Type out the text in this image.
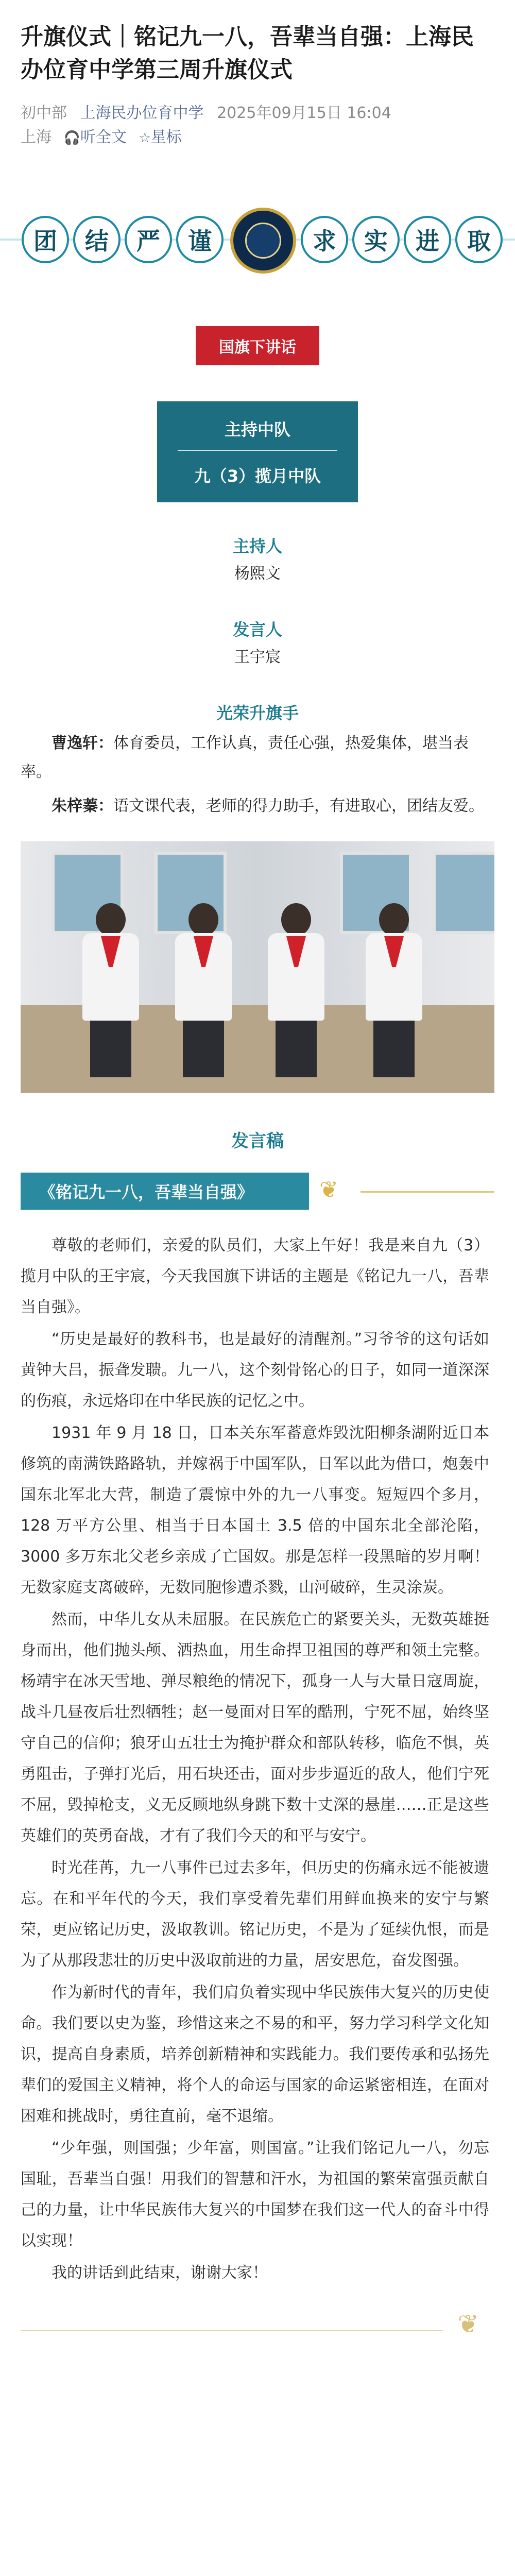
升旗仪式｜铭记九一八，吾辈当自强：上海民办位育中学第三周升旗仪式
初中部 上海民办位育中学 2025年09月15日 16:04
上海 🎧听全文 ☆星标
团	结	严	谨	求	实	进	取
国旗下讲话
主持中队
九（3）揽月中队
主持人
杨熙文
发言人
王宇宸
光荣升旗手
曹逸轩：体育委员，工作认真，责任心强，热爱集体，堪当表率。
朱梓蓁：语文课代表，老师的得力助手，有进取心，团结友爱。
发言稿
《铭记九一八，吾辈当自强》	❦

尊敬的老师们，亲爱的队员们，大家上午好！我是来自九（3）揽月中队的王宇宸，今天我国旗下讲话的主题是《铭记九一八，吾辈当自强》。

“历史是最好的教科书，也是最好的清醒剂。”习爷爷的这句话如黄钟大吕，振聋发聩。九一八，这个刻骨铭心的日子，如同一道深深的伤痕，永远烙印在中华民族的记忆之中。

1931 年 9 月 18 日，日本关东军蓄意炸毁沈阳柳条湖附近日本修筑的南满铁路路轨，并嫁祸于中国军队，日军以此为借口，炮轰中国东北军北大营，制造了震惊中外的九一八事变。短短四个多月，128 万平方公里、相当于日本国土 3.5 倍的中国东北全部沦陷，3000 多万东北父老乡亲成了亡国奴。那是怎样一段黑暗的岁月啊！无数家庭支离破碎，无数同胞惨遭杀戮，山河破碎，生灵涂炭。

然而，中华儿女从未屈服。在民族危亡的紧要关头，无数英雄挺身而出，他们抛头颅、洒热血，用生命捍卫祖国的尊严和领土完整。杨靖宇在冰天雪地、弹尽粮绝的情况下，孤身一人与大量日寇周旋，战斗几昼夜后壮烈牺牲；赵一曼面对日军的酷刑，宁死不屈，始终坚守自己的信仰；狼牙山五壮士为掩护群众和部队转移，临危不惧，英勇阻击，子弹打光后，用石块还击，面对步步逼近的敌人，他们宁死不屈，毁掉枪支，义无反顾地纵身跳下数十丈深的悬崖……正是这些英雄们的英勇奋战，才有了我们今天的和平与安宁。

时光荏苒，九一八事件已过去多年，但历史的伤痛永远不能被遗忘。在和平年代的今天，我们享受着先辈们用鲜血换来的安宁与繁荣，更应铭记历史，汲取教训。铭记历史，不是为了延续仇恨，而是为了从那段悲壮的历史中汲取前进的力量，居安思危，奋发图强。

作为新时代的青年，我们肩负着实现中华民族伟大复兴的历史使命。我们要以史为鉴，珍惜这来之不易的和平，努力学习科学文化知识，提高自身素质，培养创新精神和实践能力。我们要传承和弘扬先辈们的爱国主义精神，将个人的命运与国家的命运紧密相连，在面对困难和挑战时，勇往直前，毫不退缩。

“少年强，则国强；少年富，则国富。”让我们铭记九一八，勿忘国耻，吾辈当自强！用我们的智慧和汗水，为祖国的繁荣富强贡献自己的力量，让中华民族伟大复兴的中国梦在我们这一代人的奋斗中得以实现！

我的讲话到此结束，谢谢大家！

❦
